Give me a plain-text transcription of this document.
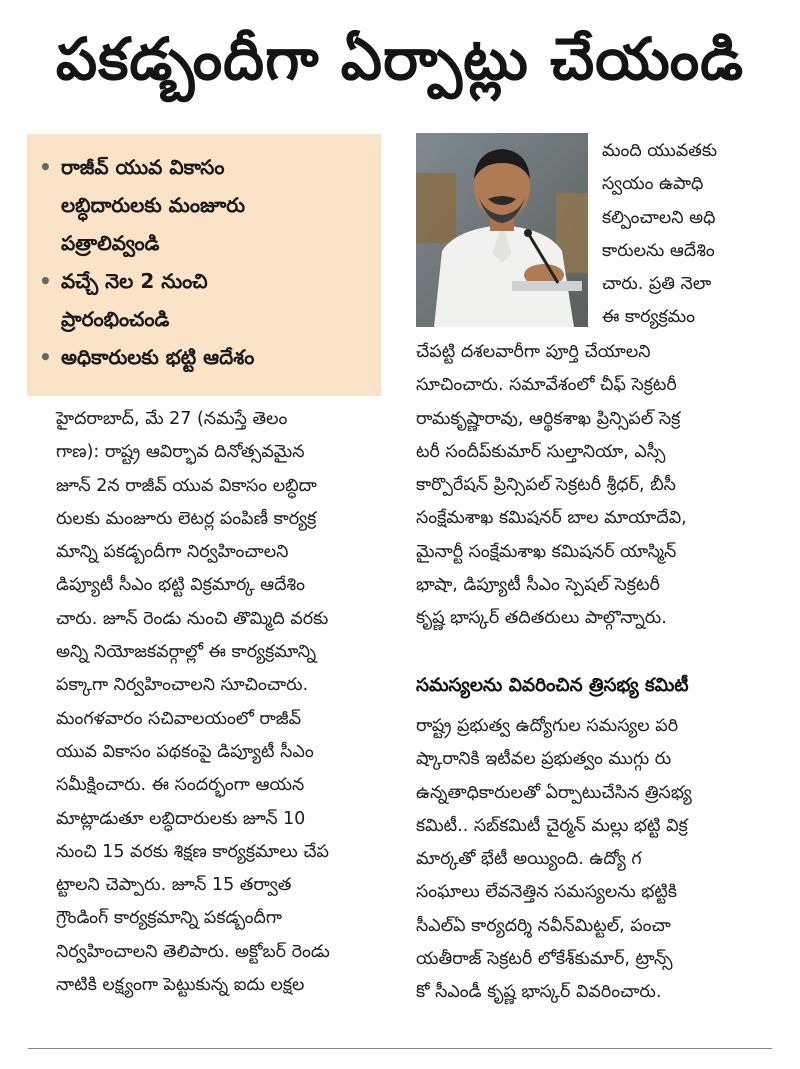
పకడ్బందీగా ఏర్పాట్లు చేయండి
• రాజీవ్ యువ వికాసం
లబ్ధిదారులకు మంజూరు
పత్రాలివ్వండి
• వచ్చే నెల 2 నుంచి
ప్రారంభించండి
• అధికారులకు భట్టి ఆదేశం
హైదరాబాద్, మే 27 (నమస్తే తెలం
గాణ): రాష్ట్ర ఆవిర్భావ దినోత్సవమైన
జూన్ 2న రాజీవ్ యువ వికాసం లబ్ధిదా
రులకు మంజూరు లెటర్ల పంపిణీ కార్యక్ర
మాన్ని పకడ్బందీగా నిర్వహించాలని
డిప్యూటీ సీఎం భట్టి విక్రమార్క ఆదేశిం
చారు. జూన్ రెండు నుంచి తొమ్మిది వరకు
అన్ని నియోజకవర్గాల్లో ఈ కార్యక్రమాన్ని
పక్కాగా నిర్వహించాలని సూచించారు.
మంగళవారం సచివాలయంలో రాజీవ్
యువ వికాసం పథకంపై డిప్యూటీ సీఎం
సమీక్షించారు. ఈ సందర్భంగా ఆయన
మాట్లాడుతూ లబ్ధిదారులకు జూన్ 10
నుంచి 15 వరకు శిక్షణ కార్యక్రమాలు చేప
ట్టాలని చెప్పారు. జూన్ 15 తర్వాత
గ్రౌండింగ్ కార్యక్రమాన్ని పకడ్బందీగా
నిర్వహించాలని తెలిపారు. అక్టోబర్ రెండు
నాటికి లక్ష్యంగా పెట్టుకున్న ఐదు లక్షల
మంది యువతకు
స్వయం ఉపాధి
కల్పించాలని అధి
కారులను ఆదేశిం
చారు. ప్రతి నెలా
ఈ కార్యక్రమం
చేపట్టి దశలవారీగా పూర్తి చేయాలని
సూచించారు. సమావేశంలో చీఫ్ సెక్రటరీ
రామకృష్ణారావు, ఆర్థికశాఖ ప్రిన్సిపల్ సెక్ర
టరీ సందీప్‌కుమార్ సుల్తానియా, ఎస్సీ
కార్పొరేషన్ ప్రిన్సిపల్ సెక్రటరీ శ్రీధర్, బీసీ
సంక్షేమశాఖ కమిషనర్ బాల మాయాదేవి,
మైనార్టీ సంక్షేమశాఖ కమిషనర్ యాస్మిన్
భాషా, డిప్యూటీ సీఎం స్పెషల్ సెక్రటరీ
కృష్ణ భాస్కర్ తదితరులు పాల్గొన్నారు.
సమస్యలను వివరించిన త్రిసభ్య కమిటీ
రాష్ట్ర ప్రభుత్వ ఉద్యోగుల సమస్యల పరి
ష్కారానికి ఇటీవల ప్రభుత్వం ముగ్గు రు
ఉన్నతాధికారులతో ఏర్పాటుచేసిన త్రిసభ్య
కమిటీ.. సబ్‌కమిటీ చైర్మన్ మల్లు భట్టి విక్ర
మార్కతో భేటీ అయ్యింది. ఉద్యో గ
సంఘాలు లేవనెత్తిన సమస్యలను భట్టికి
సీఎల్‌ఏ కార్యదర్శి నవీన్‌మిట్టల్, పంచా
యతీరాజ్ సెక్రటరీ లోకేశ్‌కుమార్, ట్రాన్స్
కో సీఎండీ కృష్ణ భాస్కర్ వివరించారు.
